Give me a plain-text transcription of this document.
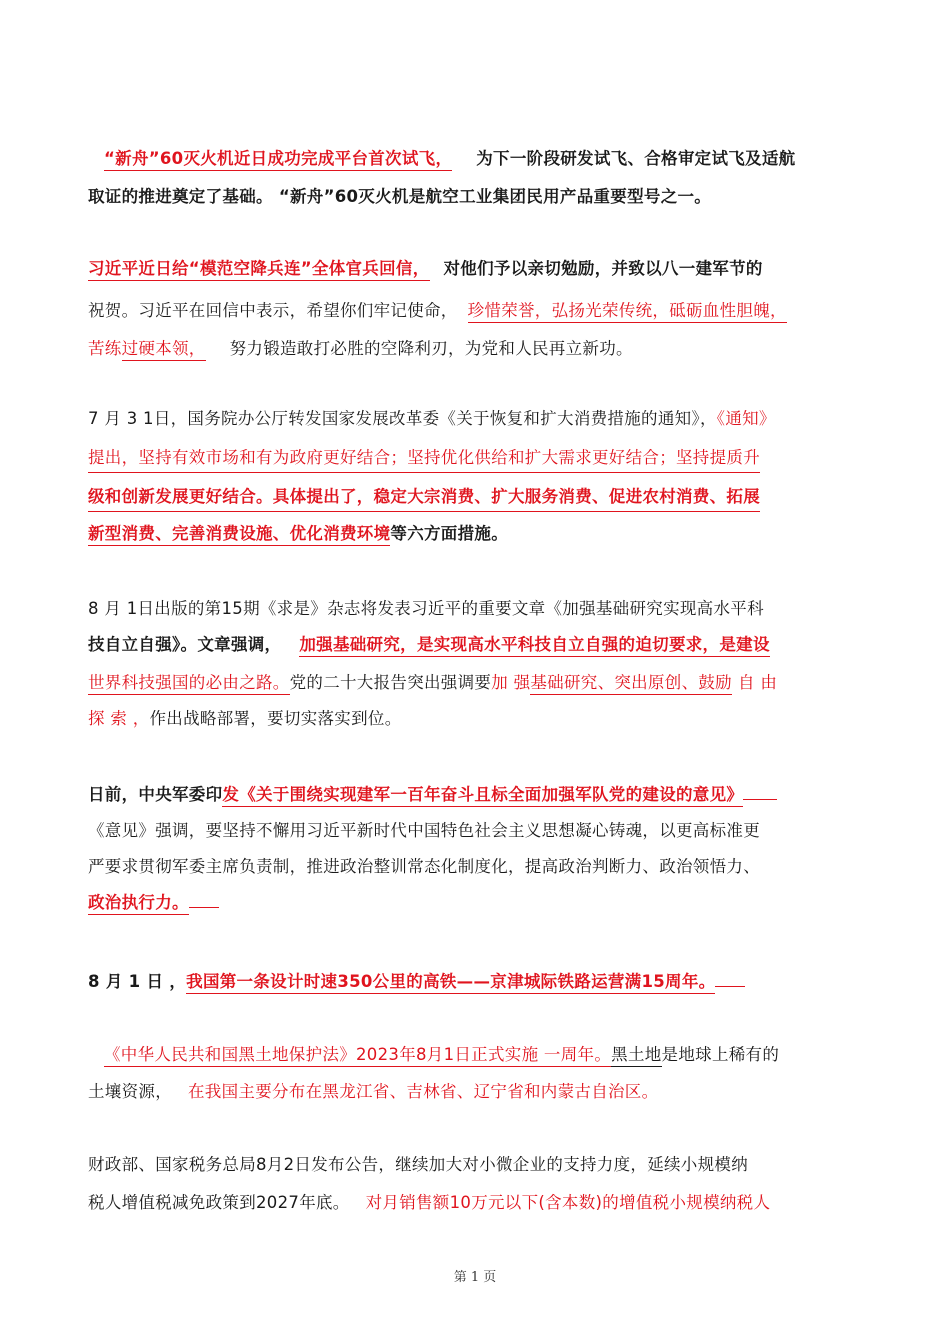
“新舟”60灭火机近日成功完成平台首次试飞， 为下一阶段研发试飞、合格审定试飞及适航
取证的推进奠定了基础。 “新舟”60灭火机是航空工业集团民用产品重要型号之一。
习近平近日给“模范空降兵连”全体官兵回信， 对他们予以亲切勉励，并致以八一建军节的
祝贺。习近平在回信中表示，希望你们牢记使命， 珍惜荣誉，弘扬光荣传统，砥砺血性胆魄，
苦练过硬本领， 努力锻造敢打必胜的空降利刃，为党和人民再立新功。
7 月 3 1日，国务院办公厅转发国家发展改革委《关于恢复和扩大消费措施的通知》，《通知》
提出，坚持有效市场和有为政府更好结合；坚持优化供给和扩大需求更好结合；坚持提质升
级和创新发展更好结合。具体提出了，稳定大宗消费、扩大服务消费、促进农村消费、拓展
新型消费、完善消费设施、优化消费环境等六方面措施。
8 月 1日出版的第15期《求是》杂志将发表习近平的重要文章《加强基础研究实现高水平科
技自立自强》。文章强调， 加强基础研究，是实现高水平科技自立自强的迫切要求，是建设
世界科技强国的必由之路。党的二十大报告突出强调要加 强基础研究、突出原创、鼓励 自 由
探 索 ，作出战略部署，要切实落实到位。
日前，中央军委印发《关于围绕实现建军一百年奋斗且标全面加强军队党的建设的意见》
《意见》强调，要坚持不懈用习近平新时代中国特色社会主义思想凝心铸魂，以更高标准更
严要求贯彻军委主席负责制，推进政治整训常态化制度化，提高政治判断力、政治领悟力、
政治执行力。
8 月 1 日 ，我国第一条设计时速350公里的高铁——京津城际铁路运营满15周年。
《中华人民共和国黑土地保护法》2023年8月1日正式实施 一周年。黑土地是地球上稀有的
土壤资源， 在我国主要分布在黑龙江省、吉林省、辽宁省和内蒙古自治区。
财政部、国家税务总局8月2日发布公告，继续加大对小微企业的支持力度，延续小规模纳
税人增值税减免政策到2027年底。 对月销售额10万元以下(含本数)的增值税小规模纳税人
第 1 页
